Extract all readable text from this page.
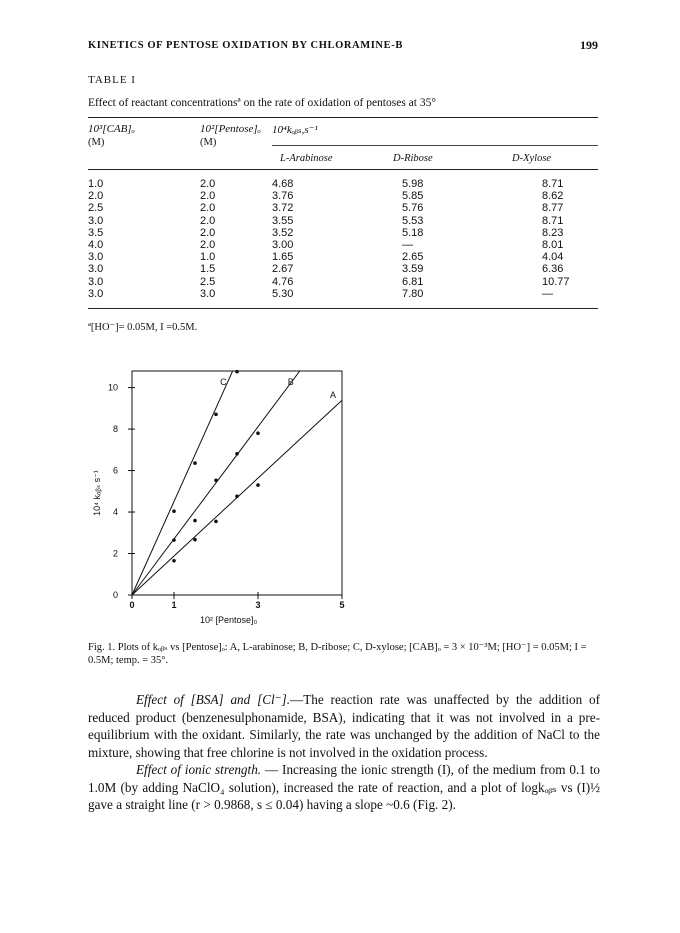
KINETICS OF PENTOSE OXIDATION BY CHLORAMINE-B	199
TABLE I
Effect of reactant concentrationsª on the rate of oxidation of pentoses at 35°
10³[CAB]ₒ	10²[Pentose]ₒ 10⁴kₒᵦₛ,s⁻¹
(M)	(M)
L-Arabinose	D-Ribose	D-Xylose
1.0	2.0	4.68	5.98	8.71
2.0	2.0	3.76	5.85	8.62
2.5	2.0	3.72	5.76	8.77
3.0	2.0	3.55	5.53	8.71
3.5	2.0	3.52	5.18	8.23
4.0	2.0	3.00	—	8.01
3.0	1.0	1.65	2.65	4.04
3.0	1.5	2.67	3.59	6.36
3.0	2.5	4.76	6.81	10.77
3.0	3.0	5.30	7.80	—
ª[HO⁻]= 0.05M, I =0.5M.
0
2
4
6
8
10
0	1	3	5
10² [Pentose]₀
10⁴ kₒᵦₛ s⁻¹
A
B
C
Fig. 1. Plots of kₒᵦₛ vs [Pentose]ₒ: A, L-arabinose; B, D-ribose; C, D-xylose; [CAB]ₒ = 3 × 10⁻³M; [HO⁻] = 0.05M; I = 0.5M; temp. = 35°.

Effect of [BSA] and [Cl⁻].—The reaction rate was unaffected by the addition of reduced product (benzenesulphonamide, BSA), indicating that it was not involved in a pre-equilibrium with the oxidant. Similarly, the rate was unchanged by the addition of NaCl to the mixture, showing that free chlorine is not involved in the oxidation process.

Effect of ionic strength. — Increasing the ionic strength (I), of the medium from 0.1 to 1.0M (by adding NaClO₄ solution), increased the rate of reaction, and a plot of logkₒᵦₛ vs (I)½ gave a straight line (r > 0.9868, s ≤ 0.04) having a slope ~0.6 (Fig. 2).
